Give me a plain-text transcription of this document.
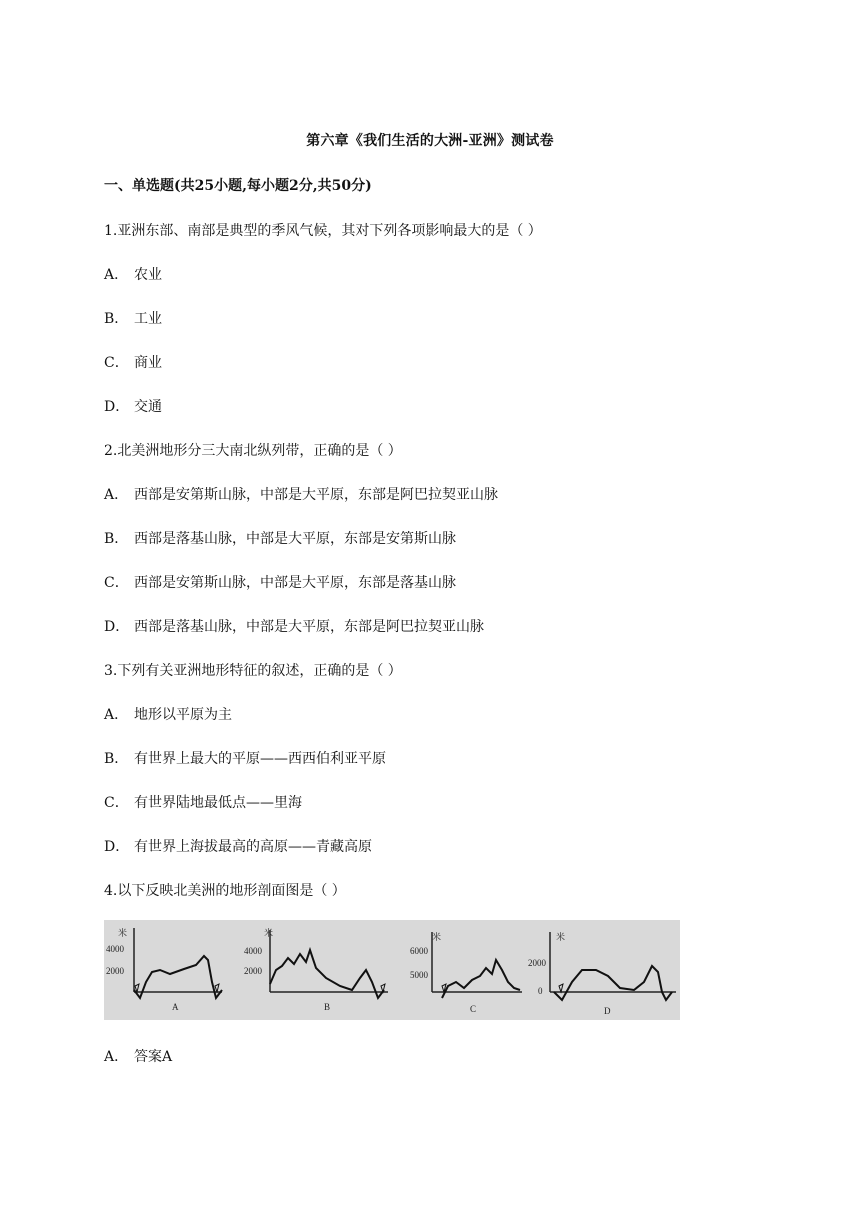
第六章《我们生活的大洲-亚洲》测试卷
一、单选题(共25小题,每小题2分,共50分)
1.亚洲东部、南部是典型的季风气候，其对下列各项影响最大的是（ ）
A． 农业
B． 工业
C． 商业
D． 交通
2.北美洲地形分三大南北纵列带，正确的是（ ）
A． 西部是安第斯山脉，中部是大平原，东部是阿巴拉契亚山脉
B． 西部是落基山脉，中部是大平原，东部是安第斯山脉
C． 西部是安第斯山脉，中部是大平原，东部是落基山脉
D． 西部是落基山脉，中部是大平原，东部是阿巴拉契亚山脉
3.下列有关亚洲地形特征的叙述，正确的是（ ）
A． 地形以平原为主
B． 有世界上最大的平原——西西伯利亚平原
C． 有世界陆地最低点——里海
D． 有世界上海拔最高的高原——青藏高原
4.以下反映北美洲的地形剖面图是（ ）
米
4000
2000
A
米
4000
2000
B
米
6000
5000
C
米
2000
0
D
A． 答案A
